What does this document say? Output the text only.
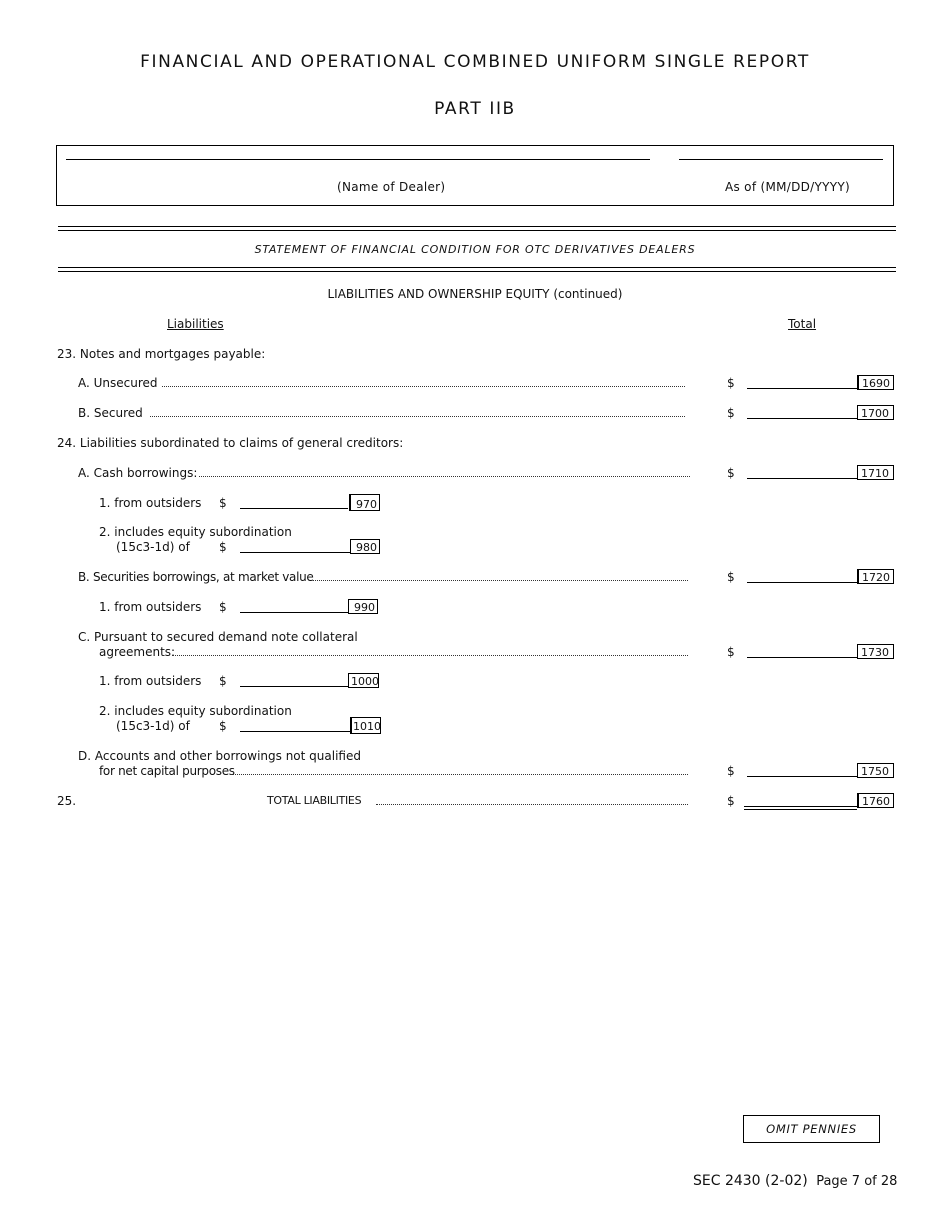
FINANCIAL AND OPERATIONAL COMBINED UNIFORM SINGLE REPORT
PART IIB
(Name of Dealer)	As of (MM/DD/YYYY)
STATEMENT OF FINANCIAL CONDITION FOR OTC DERIVATIVES DEALERS
LIABILITIES AND OWNERSHIP EQUITY (continued)
Liabilities	Total
23. Notes and mortgages payable:
A. Unsecured	$	1690
B. Secured	$	1700
24. Liabilities subordinated to claims of general creditors:
A. Cash borrowings:	$	1710
1. from outsiders $	970
2. includes equity subordination
(15c3-1d) of $	980
B. Securities borrowings, at market value	$	1720
1. from outsiders $	990
C. Pursuant to secured demand note collateral
agreements:	$	1730
1. from outsiders $	1000
2. includes equity subordination
(15c3-1d) of $	1010
D. Accounts and other borrowings not qualified
for net capital purposes	$	1750
25.	TOTAL LIABILITIES	$	1760
OMIT PENNIES
SEC 2430 (2-02) Page 7 of 28
